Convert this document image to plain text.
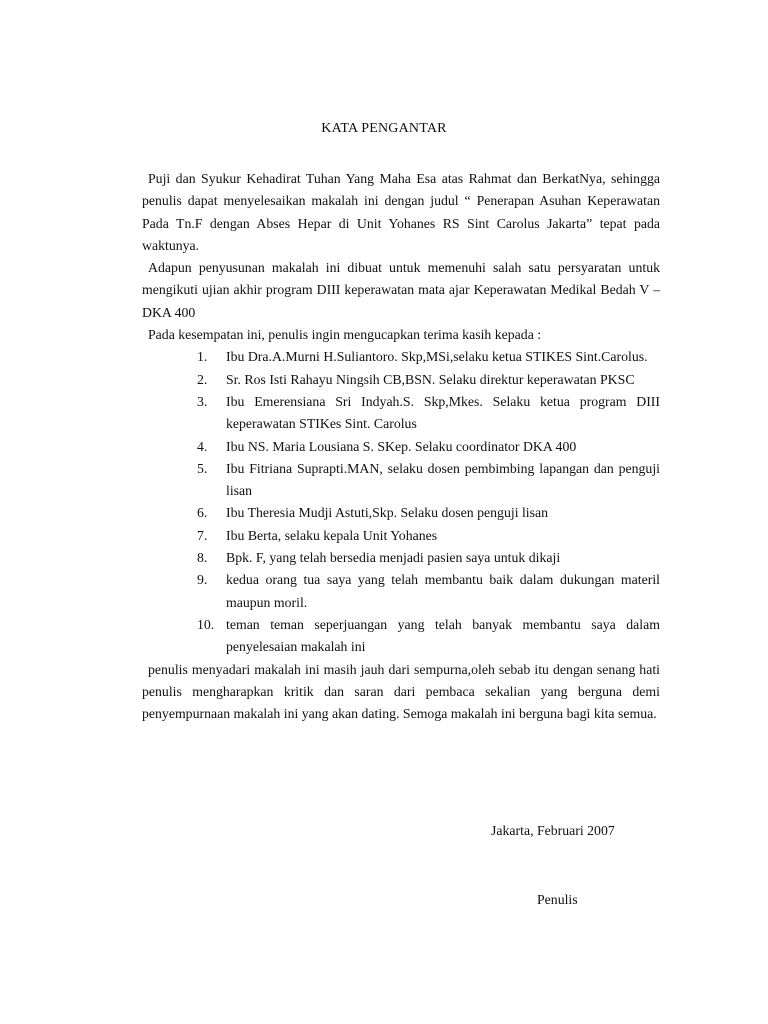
KATA PENGANTAR

Puji dan Syukur Kehadirat Tuhan Yang Maha Esa atas Rahmat dan BerkatNya, sehingga penulis dapat menyelesaikan makalah ini dengan judul “ Penerapan Asuhan Keperawatan Pada Tn.F dengan Abses Hepar di Unit Yohanes RS Sint Carolus Jakarta” tepat pada waktunya.

Adapun penyusunan makalah ini dibuat untuk memenuhi salah satu persyaratan untuk mengikuti ujian akhir program DIII keperawatan mata ajar Keperawatan Medikal Bedah V – DKA 400

Pada kesempatan ini, penulis ingin mengucapkan terima kasih kepada :

1.	Ibu Dra.A.Murni H.Suliantoro. Skp,MSi,selaku ketua STIKES Sint.Carolus.
2.	Sr. Ros Isti Rahayu Ningsih CB,BSN. Selaku direktur keperawatan PKSC
3.	Ibu Emerensiana Sri Indyah.S. Skp,Mkes. Selaku ketua program DIII keperawatan STIKes Sint. Carolus
4.	Ibu NS. Maria Lousiana S. SKep. Selaku coordinator DKA 400
5.	Ibu Fitriana Suprapti.MAN, selaku dosen pembimbing lapangan dan penguji lisan
6.	Ibu Theresia Mudji Astuti,Skp. Selaku dosen penguji lisan
7.	Ibu Berta, selaku kepala Unit Yohanes
8.	Bpk. F, yang telah bersedia menjadi pasien saya untuk dikaji
9.	kedua orang tua saya yang telah membantu baik dalam dukungan materil maupun moril.
10. teman teman seperjuangan yang telah banyak membantu saya dalam penyelesaian makalah ini

penulis menyadari makalah ini masih jauh dari sempurna,oleh sebab itu dengan senang hati penulis mengharapkan kritik dan saran dari pembaca sekalian yang berguna demi penyempurnaan makalah ini yang akan dating. Semoga makalah ini berguna bagi kita semua.

Jakarta, Februari 2007
Penulis
